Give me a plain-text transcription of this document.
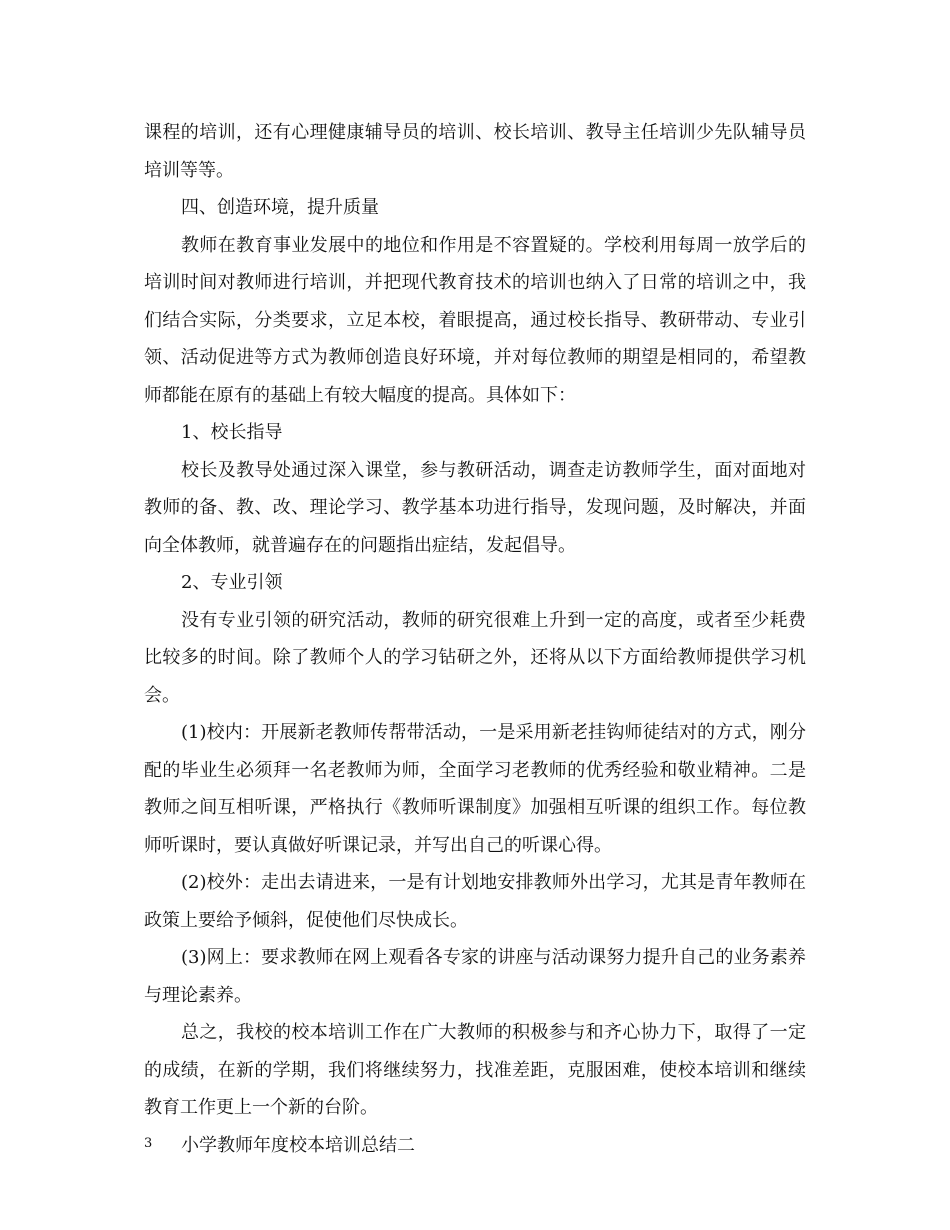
课程的培训，还有心理健康辅导员的培训、校长培训、教导主任培训少先队辅导员培训等等。

四、创造环境，提升质量

教师在教育事业发展中的地位和作用是不容置疑的。学校利用每周一放学后的培训时间对教师进行培训，并把现代教育技术的培训也纳入了日常的培训之中，我们结合实际，分类要求，立足本校，着眼提高，通过校长指导、教研带动、专业引领、活动促进等方式为教师创造良好环境，并对每位教师的期望是相同的，希望教师都能在原有的基础上有较大幅度的提高。具体如下：

1、校长指导

校长及教导处通过深入课堂，参与教研活动，调查走访教师学生，面对面地对教师的备、教、改、理论学习、教学基本功进行指导，发现问题，及时解决，并面向全体教师，就普遍存在的问题指出症结，发起倡导。

2、专业引领

没有专业引领的研究活动，教师的研究很难上升到一定的高度，或者至少耗费比较多的时间。除了教师个人的学习钻研之外，还将从以下方面给教师提供学习机会。

(1)校内：开展新老教师传帮带活动，一是采用新老挂钩师徒结对的方式，刚分配的毕业生必须拜一名老教师为师，全面学习老教师的优秀经验和敬业精神。二是教师之间互相听课，严格执行《教师听课制度》加强相互听课的组织工作。每位教师听课时，要认真做好听课记录，并写出自己的听课心得。

(2)校外：走出去请进来，一是有计划地安排教师外出学习，尤其是青年教师在政策上要给予倾斜，促使他们尽快成长。

(3)网上：要求教师在网上观看各专家的讲座与活动课努力提升自己的业务素养与理论素养。

总之，我校的校本培训工作在广大教师的积极参与和齐心协力下，取得了一定的成绩，在新的学期，我们将继续努力，找准差距，克服困难，使校本培训和继续教育工作更上一个新的台阶。

小学教师年度校本培训总结二

3
